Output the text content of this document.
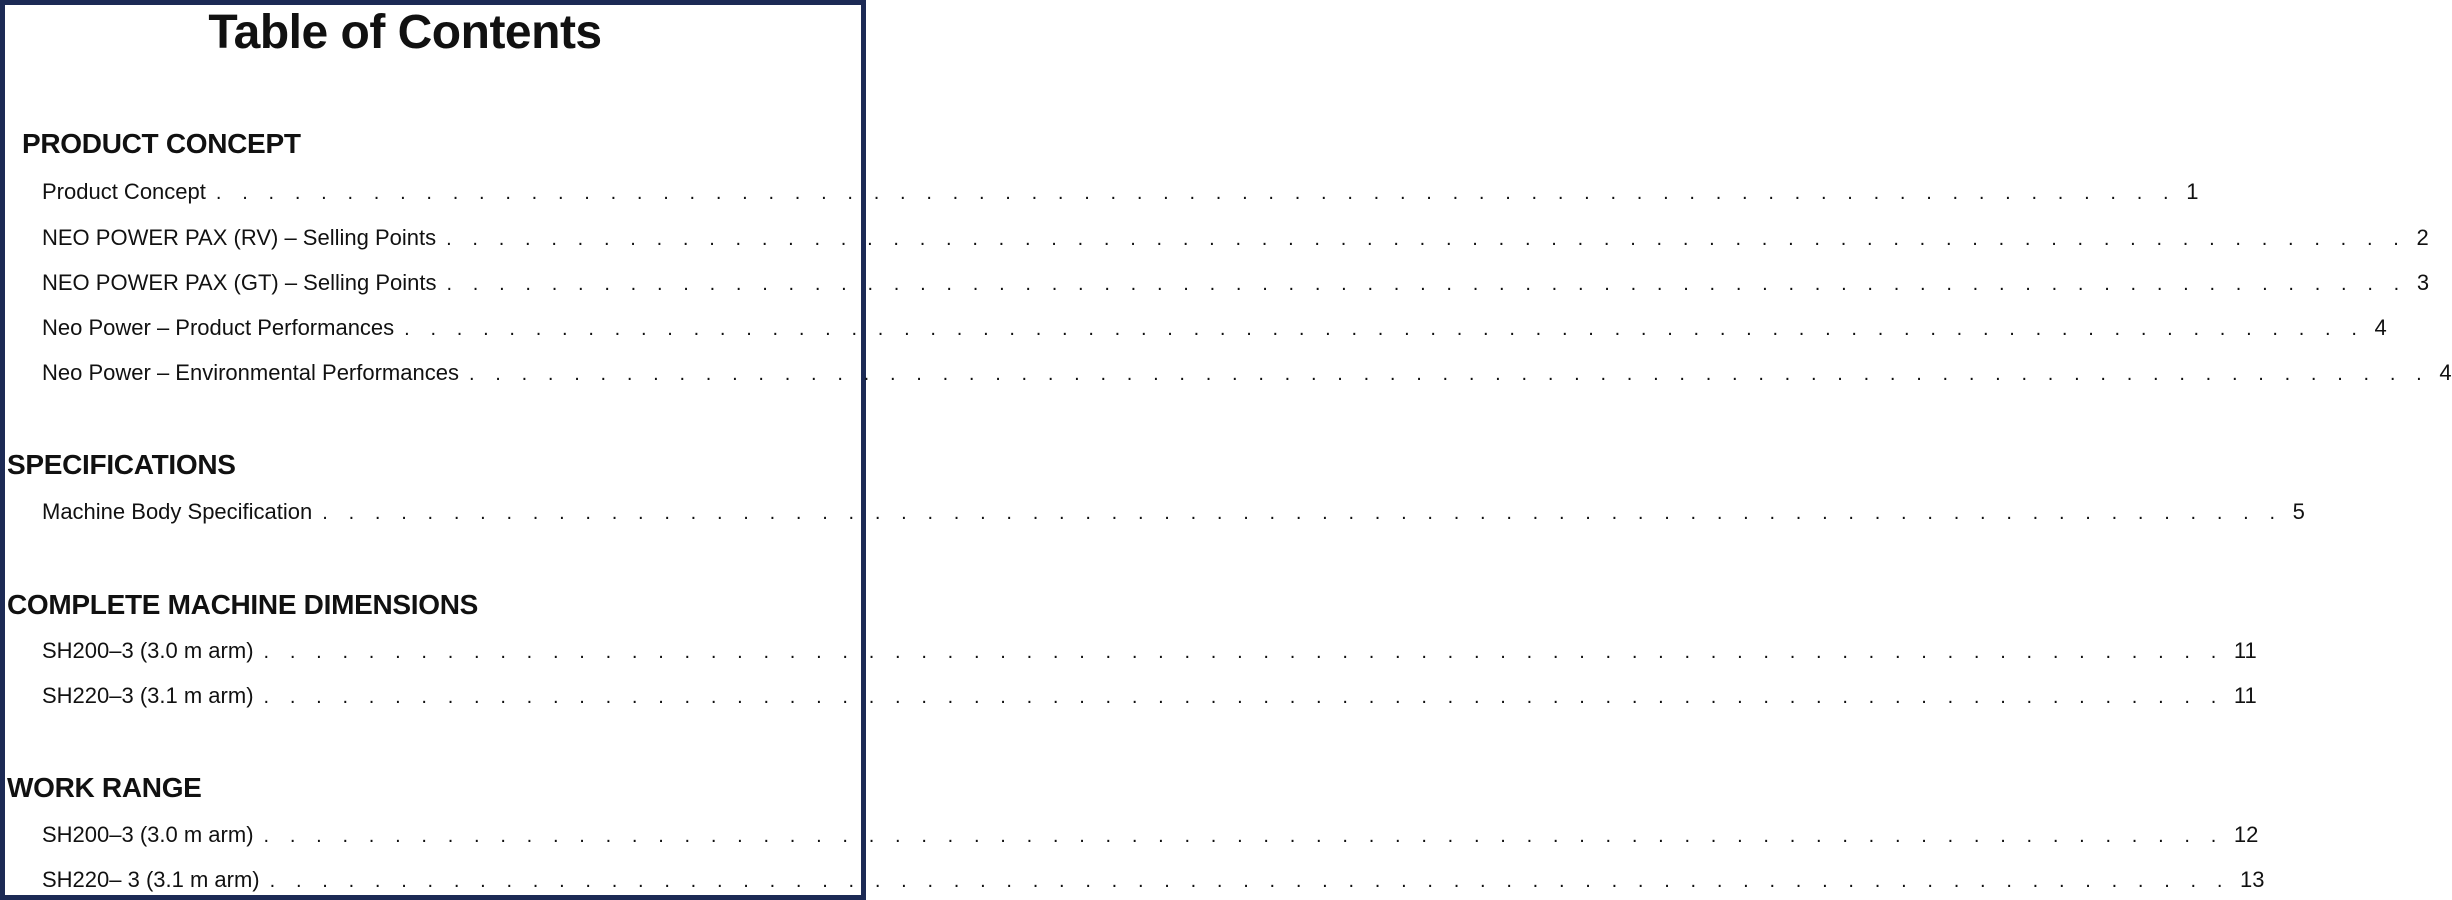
Table of Contents
PRODUCT CONCEPT
Product Concept . . . . . . . . . . . . . . . . . . . . . . . . . . . . . . . . . . . . . . . . . . . . . . . . . . . . . . . . . . . . . . . . . . . . . . . . . . . 1
NEO POWER PAX (RV) – Selling Points . . . . . . . . . . . . . . . . . . . . . . . . . . . . . . . . . . . . . . . . . . . . . . . . . . . . . . . . . . . . . . . . . . . . . . . . . . . 2
NEO POWER PAX (GT) – Selling Points . . . . . . . . . . . . . . . . . . . . . . . . . . . . . . . . . . . . . . . . . . . . . . . . . . . . . . . . . . . . . . . . . . . . . . . . . . . 3
Neo Power – Product Performances . . . . . . . . . . . . . . . . . . . . . . . . . . . . . . . . . . . . . . . . . . . . . . . . . . . . . . . . . . . . . . . . . . . . . . . . . . . 4
Neo Power – Environmental Performances . . . . . . . . . . . . . . . . . . . . . . . . . . . . . . . . . . . . . . . . . . . . . . . . . . . . . . . . . . . . . . . . . . . . . . . . . . . 4
SPECIFICATIONS
Machine Body Specification . . . . . . . . . . . . . . . . . . . . . . . . . . . . . . . . . . . . . . . . . . . . . . . . . . . . . . . . . . . . . . . . . . . . . . . . . . . 5
COMPLETE MACHINE DIMENSIONS
SH200–3 (3.0 m arm) . . . . . . . . . . . . . . . . . . . . . . . . . . . . . . . . . . . . . . . . . . . . . . . . . . . . . . . . . . . . . . . . . . . . . . . . . . . 11
SH220–3 (3.1 m arm) . . . . . . . . . . . . . . . . . . . . . . . . . . . . . . . . . . . . . . . . . . . . . . . . . . . . . . . . . . . . . . . . . . . . . . . . . . . 11
WORK RANGE
SH200–3 (3.0 m arm) . . . . . . . . . . . . . . . . . . . . . . . . . . . . . . . . . . . . . . . . . . . . . . . . . . . . . . . . . . . . . . . . . . . . . . . . . . . 12
SH220– 3 (3.1 m arm) . . . . . . . . . . . . . . . . . . . . . . . . . . . . . . . . . . . . . . . . . . . . . . . . . . . . . . . . . . . . . . . . . . . . . . . . . . . 13
